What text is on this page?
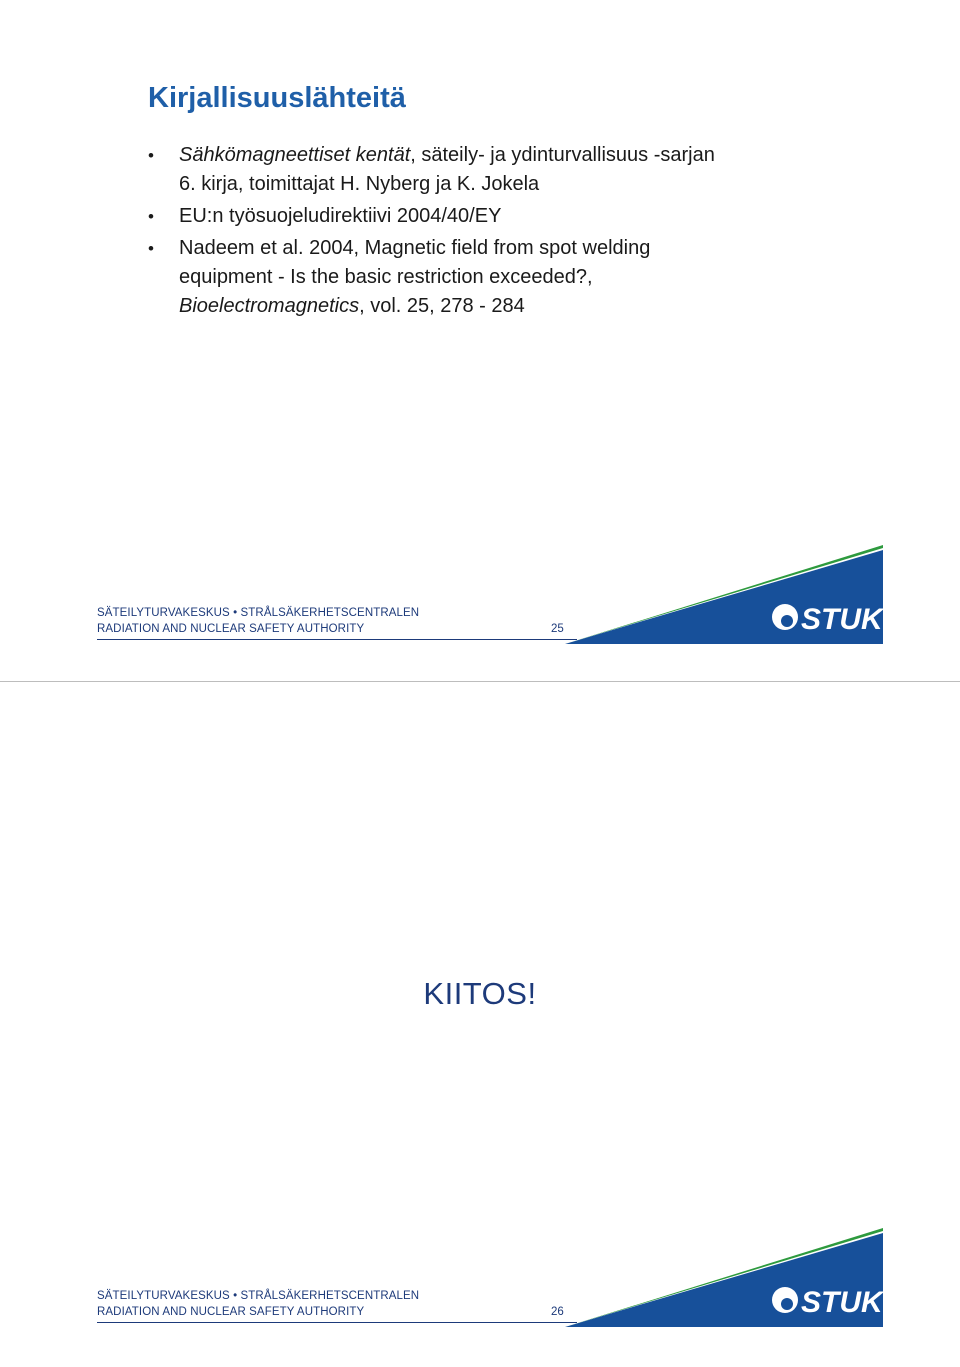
Kirjallisuuslähteitä
• Sähkömagneettiset kentät, säteily- ja ydinturvallisuus -sarjan
6. kirja, toimittajat H. Nyberg ja K. Jokela
• EU:n työsuojeludirektiivi 2004/40/EY
• Nadeem et al. 2004, Magnetic field from spot welding
equipment - Is the basic restriction exceeded?,
Bioelectromagnetics, vol. 25, 278 - 284
SÄTEILYTURVAKESKUS • STRÅLSÄKERHETSCENTRALEN
RADIATION AND NUCLEAR SAFETY AUTHORITY	25	STUK
KIITOS!
SÄTEILYTURVAKESKUS • STRÅLSÄKERHETSCENTRALEN
RADIATION AND NUCLEAR SAFETY AUTHORITY	26	STUK
